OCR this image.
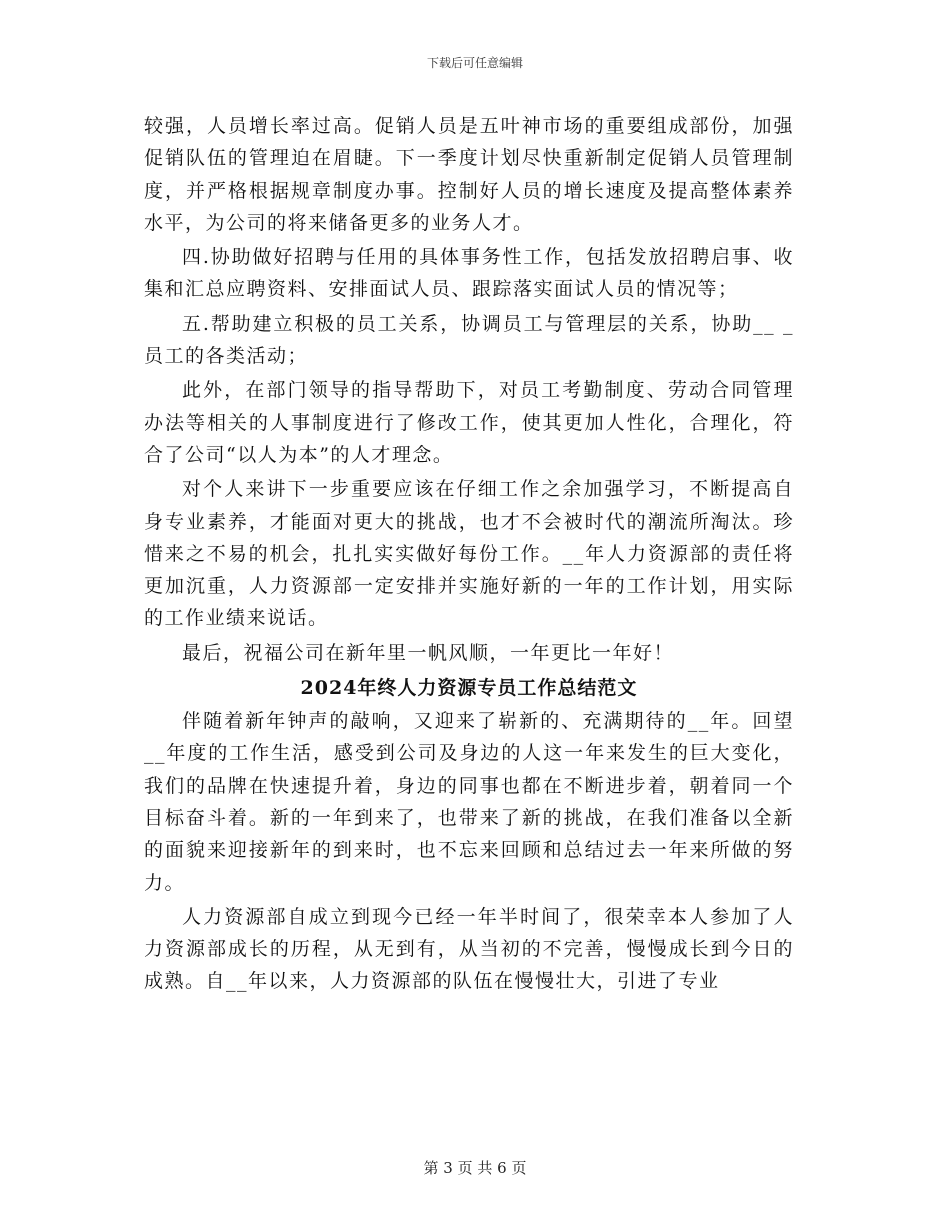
下载后可任意编辑

较强，人员增长率过高。促销人员是五叶神市场的重要组成部份，加强促销队伍的管理迫在眉睫。下一季度计划尽快重新制定促销人员管理制度，并严格根据规章制度办事。控制好人员的增长速度及提高整体素养水平，为公司的将来储备更多的业务人才。

四.协助做好招聘与任用的具体事务性工作，包括发放招聘启事、收集和汇总应聘资料、安排面试人员、跟踪落实面试人员的情况等；

五.帮助建立积极的员工关系，协调员工与管理层的关系，协助__ _员工的各类活动；

此外，在部门领导的指导帮助下，对员工考勤制度、劳动合同管理办法等相关的人事制度进行了修改工作，使其更加人性化，合理化，符合了公司“以人为本”的人才理念。

对个人来讲下一步重要应该在仔细工作之余加强学习，不断提高自身专业素养，才能面对更大的挑战，也才不会被时代的潮流所淘汰。珍惜来之不易的机会，扎扎实实做好每份工作。__年人力资源部的责任将更加沉重，人力资源部一定安排并实施好新的一年的工作计划，用实际的工作业绩来说话。

最后，祝福公司在新年里一帆风顺，一年更比一年好！

2024年终人力资源专员工作总结范文

伴随着新年钟声的敲响，又迎来了崭新的、充满期待的__年。回望__年度的工作生活，感受到公司及身边的人这一年来发生的巨大变化，我们的品牌在快速提升着，身边的同事也都在不断进步着，朝着同一个目标奋斗着。新的一年到来了，也带来了新的挑战，在我们准备以全新的面貌来迎接新年的到来时，也不忘来回顾和总结过去一年来所做的努力。

人力资源部自成立到现今已经一年半时间了，很荣幸本人参加了人力资源部成长的历程，从无到有，从当初的不完善，慢慢成长到今日的成熟。自__年以来，人力资源部的队伍在慢慢壮大，引进了专业

第 3 页 共 6 页
